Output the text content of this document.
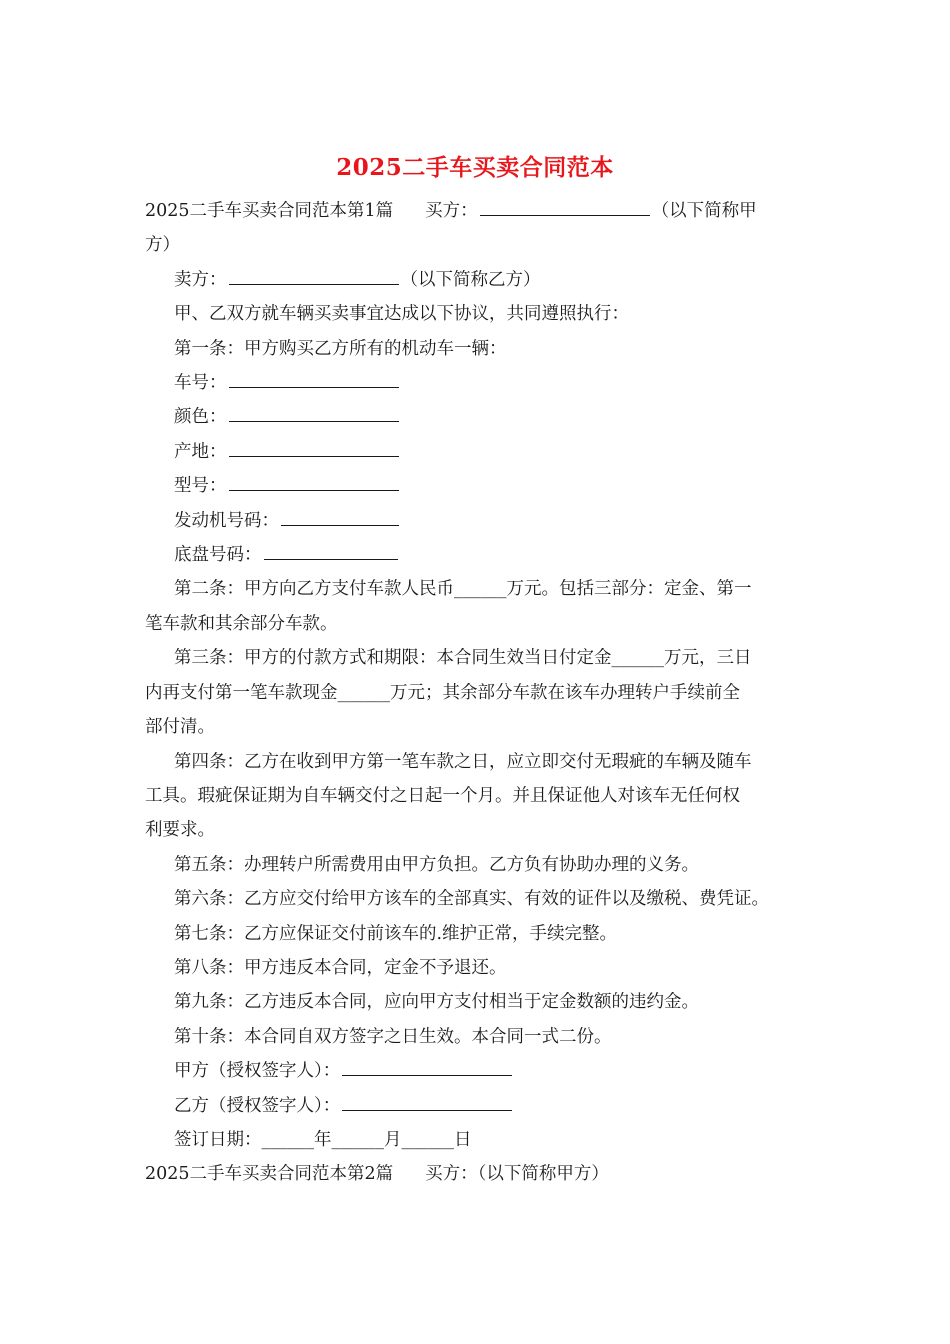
2025二手车买卖合同范本
2025二手车买卖合同范本第1篇 买方：	（以下简称甲
方）
卖方：	（以下简称乙方）
甲、乙双方就车辆买卖事宜达成以下协议，共同遵照执行：
第一条：甲方购买乙方所有的机动车一辆：
车号：
颜色：
产地：
型号：
发动机号码：
底盘号码：
第二条：甲方向乙方支付车款人民币______万元。包括三部分：定金、第一
笔车款和其余部分车款。
第三条：甲方的付款方式和期限：本合同生效当日付定金______万元，三日
内再支付第一笔车款现金______万元；其余部分车款在该车办理转户手续前全
部付清。
第四条：乙方在收到甲方第一笔车款之日，应立即交付无瑕疵的车辆及随车
工具。瑕疵保证期为自车辆交付之日起一个月。并且保证他人对该车无任何权
利要求。
第五条：办理转户所需费用由甲方负担。乙方负有协助办理的义务。
第六条：乙方应交付给甲方该车的全部真实、有效的证件以及缴税、费凭证。
第七条：乙方应保证交付前该车的.维护正常，手续完整。
第八条：甲方违反本合同，定金不予退还。
第九条：乙方违反本合同，应向甲方支付相当于定金数额的违约金。
第十条：本合同自双方签字之日生效。本合同一式二份。
甲方（授权签字人）：
乙方（授权签字人）：
签订日期：______年______月______日
2025二手车买卖合同范本第2篇 买方：（以下简称甲方）
